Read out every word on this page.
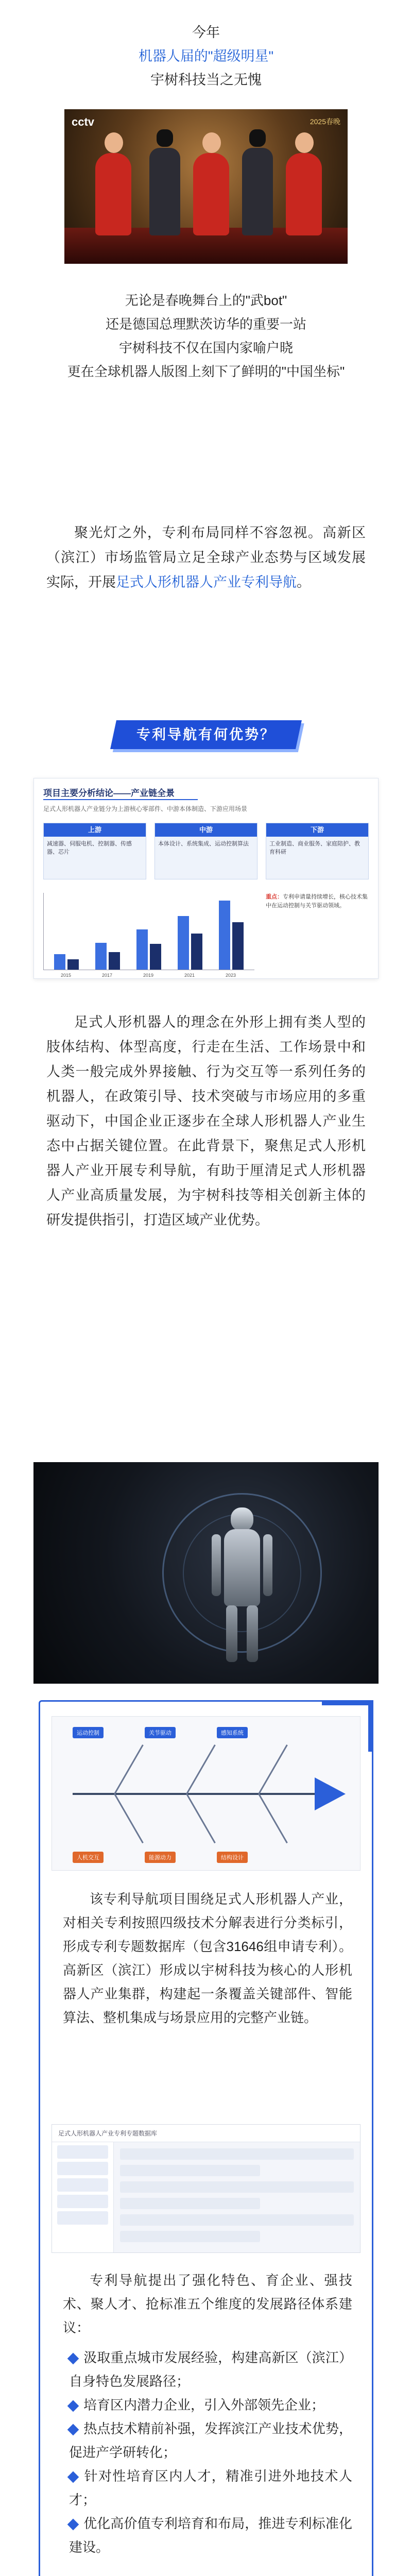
今年

机器人届的"超级明星"

宇树科技当之无愧

cctv	2025春晚

无论是春晚舞台上的"武bot"

还是德国总理默茨访华的重要一站

宇树科技不仅在国内家喻户晓

更在全球机器人版图上刻下了鲜明的"中国坐标"

聚光灯之外，专利布局同样不容忽视。高新区（滨江）市场监管局立足全球产业态势与区域发展实际，开展足式人形机器人产业专利导航。

专利导航有何优势？
项目主要分析结论——产业链全景
足式人形机器人产业链分为上游核心零部件、中游本体制造、下游应用场景
上游
减速器、伺服电机、控制器、传感器、芯片
中游
本体设计、系统集成、运动控制算法
下游
工业制造、商业服务、家庭陪护、教育科研
2015	2017	2019	2021	2023
重点：专利申请量持续增长，核心技术集中在运动控制与关节驱动领域。

足式人形机器人的理念在外形上拥有类人型的肢体结构、体型高度，行走在生活、工作场景中和人类一般完成外界接触、行为交互等一系列任务的机器人，在政策引导、技术突破与市场应用的多重驱动下，中国企业正逐步在全球人形机器人产业生态中占据关键位置。在此背景下，聚焦足式人形机器人产业开展专利导航，有助于厘清足式人形机器人产业高质量发展，为宇树科技等相关创新主体的研发提供指引，打造区域产业优势。

运动控制	关节驱动	感知系统
人机交互	能源动力	结构设计

该专利导航项目围绕足式人形机器人产业，对相关专利按照四级技术分解表进行分类标引，形成专利专题数据库（包含31646组申请专利）。高新区（滨江）形成以宇树科技为核心的人形机器人产业集群，构建起一条覆盖关键部件、智能算法、整机集成与场景应用的完整产业链。

足式人形机器人产业专利专题数据库

专利导航提出了强化特色、育企业、强技术、聚人才、抢标准五个维度的发展路径体系建议：

汲取重点城市发展经验，构建高新区（滨江）自身特色发展路径；

培育区内潜力企业，引入外部领先企业；

热点技术精前补强，发挥滨江产业技术优势，促进产学研转化；

针对性培育区内人才，精准引进外地技术人才；

优化高价值专利培育和布局，推进专利标准化建设。
